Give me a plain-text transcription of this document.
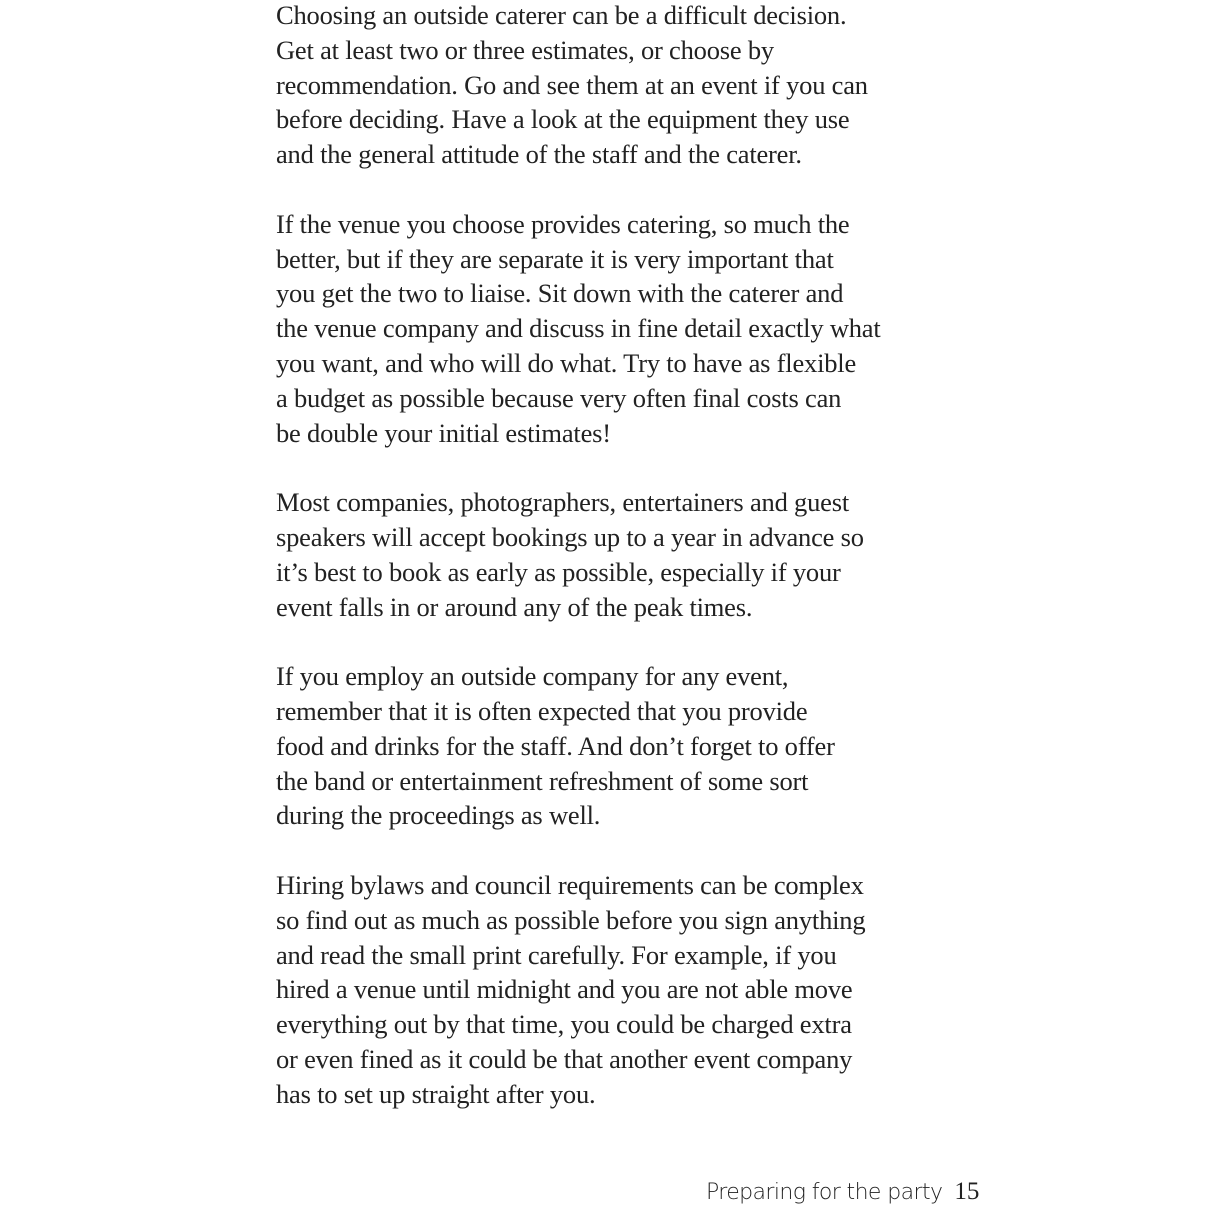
Choosing an outside caterer can be a difficult decision.
Get at least two or three estimates, or choose by
recommendation. Go and see them at an event if you can
before deciding. Have a look at the equipment they use
and the general attitude of the staff and the caterer.

If the venue you choose provides catering, so much the
better, but if they are separate it is very important that
you get the two to liaise. Sit down with the caterer and
the venue company and discuss in fine detail exactly what
you want, and who will do what. Try to have as flexible
a budget as possible because very often final costs can
be double your initial estimates!

Most companies, photographers, entertainers and guest
speakers will accept bookings up to a year in advance so
it’s best to book as early as possible, especially if your
event falls in or around any of the peak times.

If you employ an outside company for any event,
remember that it is often expected that you provide
food and drinks for the staff. And don’t forget to offer
the band or entertainment refreshment of some sort
during the proceedings as well.

Hiring bylaws and council requirements can be complex
so find out as much as possible before you sign anything
and read the small print carefully. For example, if you
hired a venue until midnight and you are not able move
everything out by that time, you could be charged extra
or even fined as it could be that another event company
has to set up straight after you.

Preparing for the party 15
